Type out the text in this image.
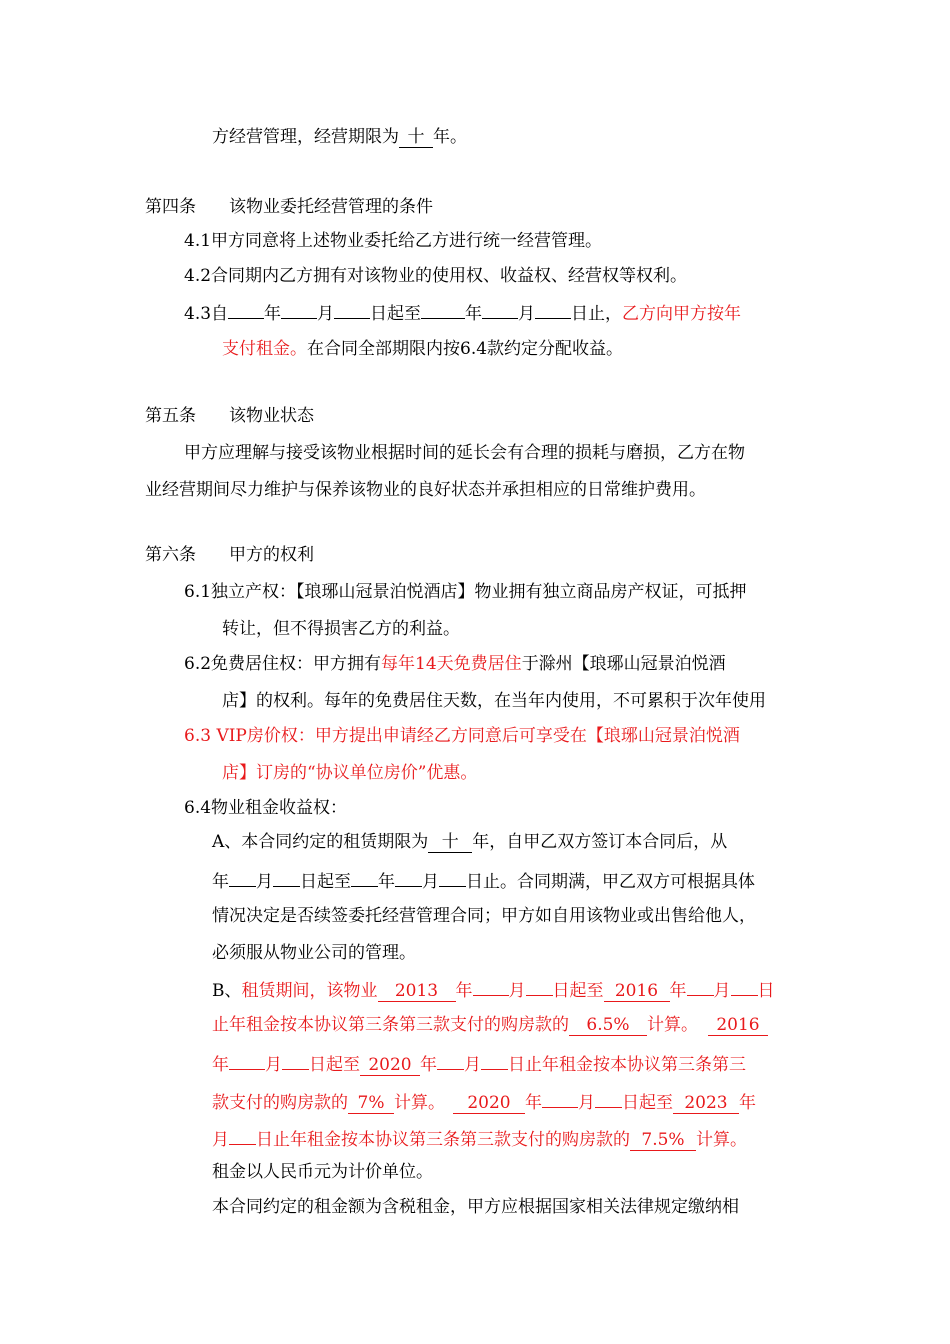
方经营管理，经营期限为 十 年。
第四条 该物业委托经营管理的条件
4.1甲方同意将上述物业委托给乙方进行统一经营管理。
4.2合同期内乙方拥有对该物业的使用权、收益权、经营权等权利。
4.3自 年 月 日起至	年 月 日止，乙方向甲方按年
支付租金。在合同全部期限内按6.4款约定分配收益。
第五条 该物业状态
甲方应理解与接受该物业根据时间的延长会有合理的损耗与磨损，乙方在物
业经营期间尽力维护与保养该物业的良好状态并承担相应的日常维护费用。
第六条 甲方的权利
6.1独立产权：【琅琊山冠景泊悦酒店】物业拥有独立商品房产权证，可抵押
转让，但不得损害乙方的利益。
6.2免费居住权：甲方拥有每年14天免费居住于滁州【琅琊山冠景泊悦酒
店】的权利。每年的免费居住天数，在当年内使用，不可累积于次年使用
6.3 VIP房价权：甲方提出申请经乙方同意后可享受在【琅琊山冠景泊悦酒
店】订房的“协议单位房价”优惠。
6.4物业租金收益权：
A、本合同约定的租赁期限为 十 年，自甲乙双方签订本合同后，从
年 月 日起至 年 月 日止。合同期满，甲乙双方可根据具体
情况决定是否续签委托经营管理合同；甲方如自用该物业或出售给他人，
必须服从物业公司的管理。
B、租赁期间，该物业 2013 年 月 日起至 2016 年 月 日
止年租金按本协议第三条第三款支付的购房款的 6.5% 计算。 2016
年 月 日起至 2020 年 月 日止年租金按本协议第三条第三
款支付的购房款的 7% 计算。 2020 年 月 日起至 2023 年
月 日止年租金按本协议第三条第三款支付的购房款的 7.5% 计算。
租金以人民币元为计价单位。
本合同约定的租金额为含税租金，甲方应根据国家相关法律规定缴纳相
